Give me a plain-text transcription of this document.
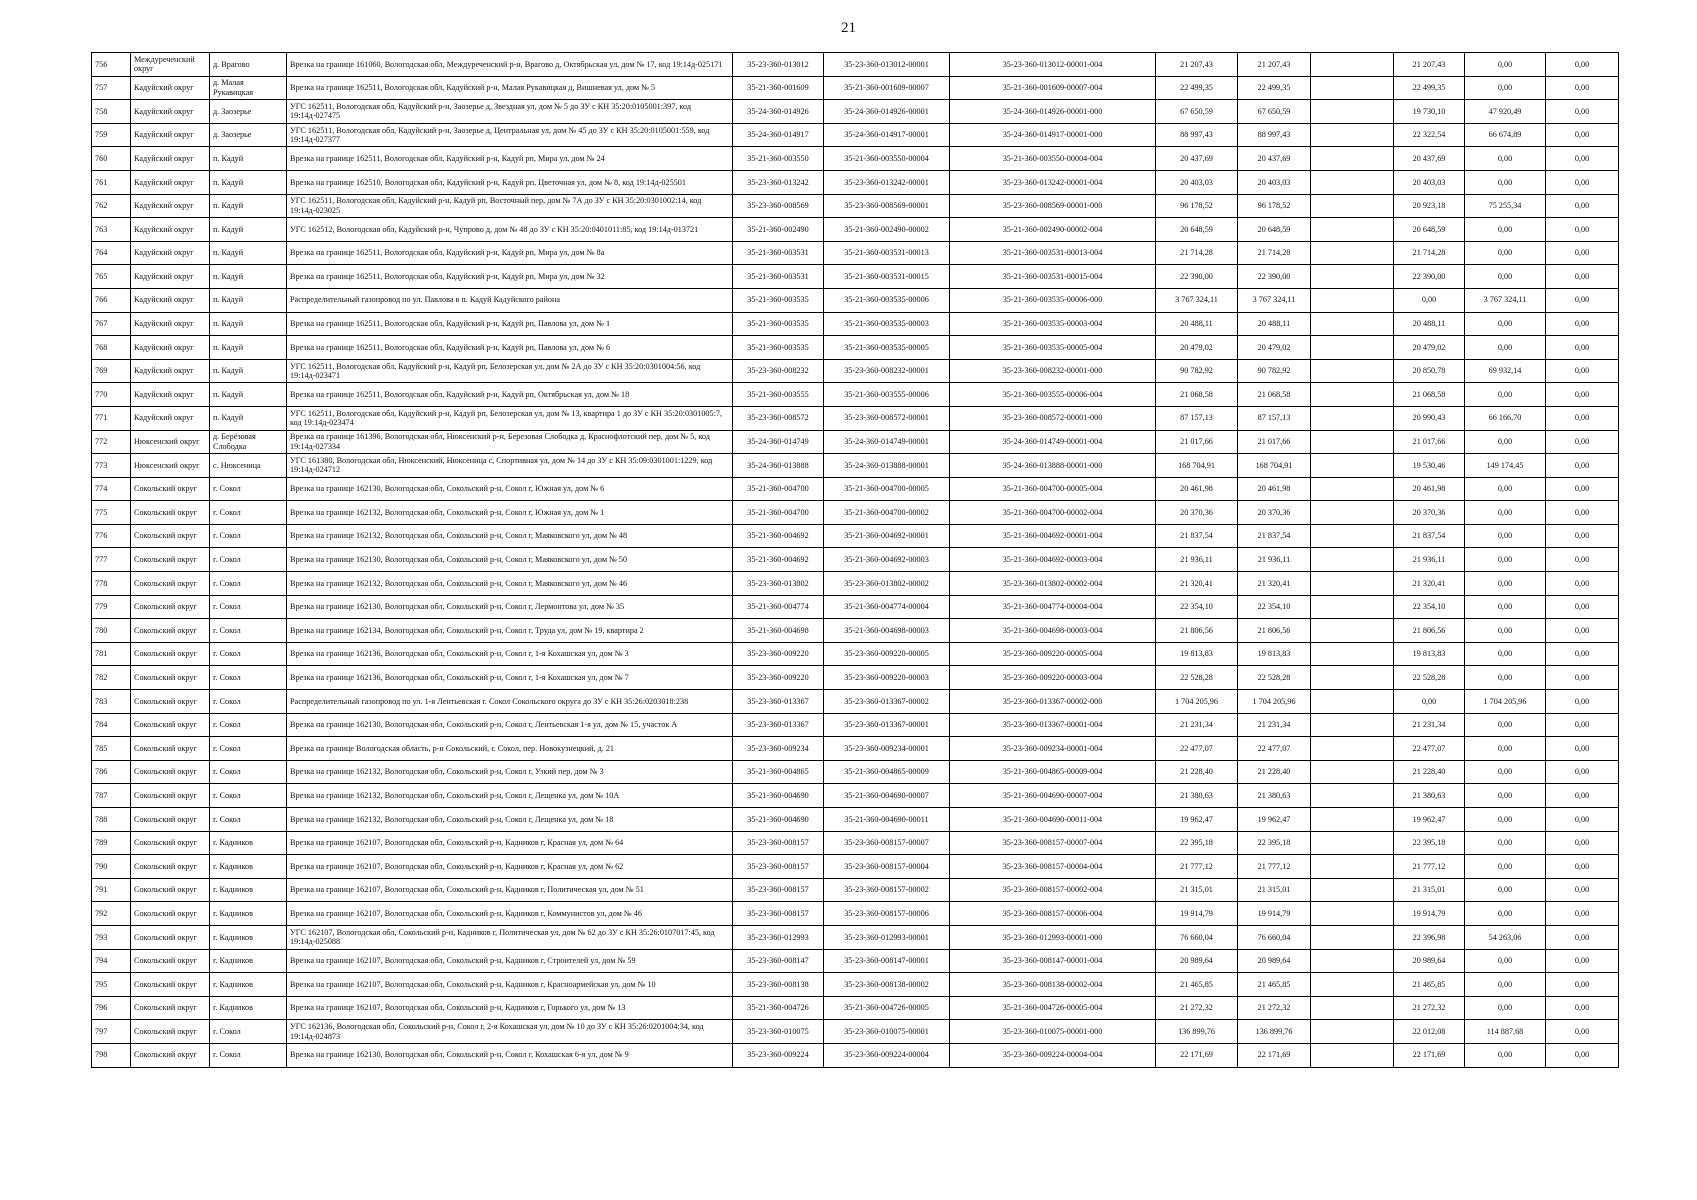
21
756	Междуреченский округ	д. Врагово	Врезка на границе 161060, Вологодская обл, Междуреченский р-н, Врагово д, Октябрьская ул, дом № 17, код 19:14д-025171	35-23-360-013012	35-23-360-013012-00001	35-23-360-013012-00001-004	21 207,43	21 207,43		21 207,43	0,00	0,00
757	Кадуйский округ	д. Малая Рукавицкая	Врезка на границе 162511, Вологодская обл, Кадуйский р-н, Малая Рукавицкая д, Вишневая ул, дом № 5	35-21-360-001609	35-21-360-001609-00007	35-21-360-001609-00007-004	22 499,35	22 499,35		22 499,35	0,00	0,00
758	Кадуйский округ	д. Заозерье	УГС 162511, Вологодская обл, Кадуйский р-н, Заозерье д, Звездная ул, дом № 5 до ЗУ с КН 35:20:0105001:397, код 19:14д-027475	35-24-360-014926	35-24-360-014926-00001	35-24-360-014926-00001-000	67 650,59	67 650,59		19 730,10	47 920,49	0,00
759	Кадуйский округ	д. Заозерье	УГС 162511, Вологодская обл, Кадуйский р-н, Заозерье д, Центральная ул, дом № 45 до ЗУ с КН 35:20:0105001:559, код 19:14д-027377	35-24-360-014917	35-24-360-014917-00001	35-24-360-014917-00001-000	88 997,43	88 997,43		22 322,54	66 674,89	0,00
760	Кадуйский округ	п. Кадуй	Врезка на границе 162511, Вологодская обл, Кадуйский р-н, Кадуй рп, Мира ул, дом № 24	35-21-360-003550	35-21-360-003550-00004	35-21-360-003550-00004-004	20 437,69	20 437,69		20 437,69	0,00	0,00
761	Кадуйский округ	п. Кадуй	Врезка на границе 162510, Вологодская обл, Кадуйский р-н, Кадуй рп, Цветочная ул, дом № 8, код 19:14д-025501	35-23-360-013242	35-23-360-013242-00001	35-23-360-013242-00001-004	20 403,03	20 403,03		20 403,03	0,00	0,00
762	Кадуйский округ	п. Кадуй	УГС 162511, Вологодская обл, Кадуйский р-н, Кадуй рп, Восточный пер, дом № 7А до ЗУ с КН 35:20:0301002:14, код 19:14д-023025	35-23-360-008569	35-23-360-008569-00001	35-23-360-008569-00001-000	96 178,52	96 178,52		20 923,18	75 255,34	0,00
763	Кадуйский округ	п. Кадуй	УГС 162512, Вологодская обл, Кадуйский р-н, Чупрово д, дом № 48 до ЗУ с КН 35:20:0401011:85, код 19:14д-013721	35-21-360-002490	35-21-360-002490-00002	35-21-360-002490-00002-004	20 648,59	20 648,59		20 648,59	0,00	0,00
764	Кадуйский округ	п. Кадуй	Врезка на границе 162511, Вологодская обл, Кадуйский р-н, Кадуй рп, Мира ул, дом № 8а	35-21-360-003531	35-21-360-003531-00013	35-21-360-003531-00013-004	21 714,28	21 714,28		21 714,28	0,00	0,00
765	Кадуйский округ	п. Кадуй	Врезка на границе 162511, Вологодская обл, Кадуйский р-н, Кадуй рп, Мира ул, дом № 32	35-21-360-003531	35-21-360-003531-00015	35-21-360-003531-00015-004	22 390,00	22 390,00		22 390,00	0,00	0,00
766	Кадуйский округ	п. Кадуй	Распределительный газопровод по ул. Павлова в п. Кадуй Кадуйского района	35-21-360-003535	35-21-360-003535-00006	35-21-360-003535-00006-000	3 767 324,11	3 767 324,11		0,00	3 767 324,11	0,00
767	Кадуйский округ	п. Кадуй	Врезка на границе 162511, Вологодская обл, Кадуйский р-н, Кадуй рп, Павлова ул, дом № 1	35-21-360-003535	35-21-360-003535-00003	35-21-360-003535-00003-004	20 488,11	20 488,11		20 488,11	0,00	0,00
768	Кадуйский округ	п. Кадуй	Врезка на границе 162511, Вологодская обл, Кадуйский р-н, Кадуй рп, Павлова ул, дом № 6	35-21-360-003535	35-21-360-003535-00005	35-21-360-003535-00005-004	20 479,02	20 479,02		20 479,02	0,00	0,00
769	Кадуйский округ	п. Кадуй	УГС 162511, Вологодская обл, Кадуйский р-н, Кадуй рп, Белозерская ул, дом № 2А до ЗУ с КН 35:20:0301004:56, код 19:14д-023471	35-23-360-008232	35-23-360-008232-00001	35-23-360-008232-00001-000	90 782,92	90 782,92		20 850,78	69 932,14	0,00
770	Кадуйский округ	п. Кадуй	Врезка на границе 162511, Вологодская обл, Кадуйский р-н, Кадуй рп, Октябрьская ул, дом № 18	35-21-360-003555	35-21-360-003555-00006	35-21-360-003555-00006-004	21 068,58	21 068,58		21 068,58	0,00	0,00
771	Кадуйский округ	п. Кадуй	УГС 162511, Вологодская обл, Кадуйский р-н, Кадуй рп, Белозерская ул, дом № 13, квартира 1 до ЗУ с КН 35:20:0301005:7, код 19:14д-023474	35-23-360-008572	35-23-360-008572-00001	35-23-360-008572-00001-000	87 157,13	87 157,13		20 990,43	66 166,70	0,00
772	Нюксенский округ	д. Берёзовая Слободка	Врезка на границе 161396, Вологодская обл, Нюксенский р-н, Березовая Слободка д, Краснофлотский пер, дом № 5, код 19:14д-027334	35-24-360-014749	35-24-360-014749-00001	35-24-360-014749-00001-004	21 017,66	21 017,66		21 017,66	0,00	0,00
773	Нюксенский округ	с. Нюксеница	УГС 161380, Вологодская обл, Нюксенский, Нюксеница с, Спортивная ул, дом № 14 до ЗУ с КН 35:09:0301001:1229, код 19:14д-024712	35-24-360-013888	35-24-360-013888-00001	35-24-360-013888-00001-000	168 704,91	168 704,91		19 530,46	149 174,45	0,00
774	Сокольский округ	г. Сокол	Врезка на границе 162130, Вологодская обл, Сокольский р-н, Сокол г, Южная ул, дом № 6	35-21-360-004700	35-21-360-004700-00005	35-21-360-004700-00005-004	20 461,98	20 461,98		20 461,98	0,00	0,00
775	Сокольский округ	г. Сокол	Врезка на границе 162132, Вологодская обл, Сокольский р-н, Сокол г, Южная ул, дом № 1	35-21-360-004700	35-21-360-004700-00002	35-21-360-004700-00002-004	20 370,36	20 370,36		20 370,36	0,00	0,00
776	Сокольский округ	г. Сокол	Врезка на границе 162132, Вологодская обл, Сокольский р-н, Сокол г, Маяковского ул, дом № 48	35-21-360-004692	35-21-360-004692-00001	35-21-360-004692-00001-004	21 837,54	21 837,54		21 837,54	0,00	0,00
777	Сокольский округ	г. Сокол	Врезка на границе 162130, Вологодская обл, Сокольский р-н, Сокол г, Маяковского ул, дом № 50	35-21-360-004692	35-21-360-004692-00003	35-21-360-004692-00003-004	21 936,11	21 936,11		21 936,11	0,00	0,00
778	Сокольский округ	г. Сокол	Врезка на границе 162132, Вологодская обл, Сокольский р-н, Сокол г, Маяковского ул, дом № 46	35-23-360-013802	35-23-360-013802-00002	35-23-360-013802-00002-004	21 320,41	21 320,41		21 320,41	0,00	0,00
779	Сокольский округ	г. Сокол	Врезка на границе 162130, Вологодская обл, Сокольский р-н, Сокол г, Лермонтова ул, дом № 35	35-21-360-004774	35-21-360-004774-00004	35-21-360-004774-00004-004	22 354,10	22 354,10		22 354,10	0,00	0,00
780	Сокольский округ	г. Сокол	Врезка на границе 162134, Вологодская обл, Сокольский р-н, Сокол г, Труда ул, дом № 19, квартира 2	35-21-360-004698	35-21-360-004698-00003	35-21-360-004698-00003-004	21 806,56	21 806,56		21 806,56	0,00	0,00
781	Сокольский округ	г. Сокол	Врезка на границе 162136, Вологодская обл, Сокольский р-н, Сокол г, 1-я Кохашская ул, дом № 3	35-23-360-009220	35-23-360-009220-00005	35-23-360-009220-00005-004	19 813,83	19 813,83		19 813,83	0,00	0,00
782	Сокольский округ	г. Сокол	Врезка на границе 162136, Вологодская обл, Сокольский р-н, Сокол г, 1-я Кохашская ул, дом № 7	35-23-360-009220	35-23-360-009220-00003	35-23-360-009220-00003-004	22 528,28	22 528,28		22 528,28	0,00	0,00
783	Сокольский округ	г. Сокол	Распределительный газопровод по ул. 1-я Лентьевская г. Сокол Сокольского округа до ЗУ с КН 35:26:0203018:238	35-23-360-013367	35-23-360-013367-00002	35-23-360-013367-00002-000	1 704 205,96	1 704 205,96		0,00	1 704 205,96	0,00
784	Сокольский округ	г. Сокол	Врезка на границе 162130, Вологодская обл, Сокольский р-н, Сокол г, Лентьевская 1-я ул, дом № 15, участок А	35-23-360-013367	35-23-360-013367-00001	35-23-360-013367-00001-004	21 231,34	21 231,34		21 231,34	0,00	0,00
785	Сокольский округ	г. Сокол	Врезка на границе Вологодская область, р-н Сокольский, г. Сокол, пер. Новокузнецкий, д. 21	35-23-360-009234	35-23-360-009234-00001	35-23-360-009234-00001-004	22 477,07	22 477,07		22 477,07	0,00	0,00
786	Сокольский округ	г. Сокол	Врезка на границе 162132, Вологодская обл, Сокольский р-н, Сокол г, Узкий пер, дом № 3	35-21-360-004865	35-21-360-004865-00009	35-21-360-004865-00009-004	21 228,40	21 228,40		21 228,40	0,00	0,00
787	Сокольский округ	г. Сокол	Врезка на границе 162132, Вологодская обл, Сокольский р-н, Сокол г, Лещенка ул, дом № 10А	35-21-360-004690	35-21-360-004690-00007	35-21-360-004690-00007-004	21 380,63	21 380,63		21 380,63	0,00	0,00
788	Сокольский округ	г. Сокол	Врезка на границе 162132, Вологодская обл, Сокольский р-н, Сокол г, Лещенка ул, дом № 18	35-21-360-004690	35-21-360-004690-00011	35-21-360-004690-00011-004	19 962,47	19 962,47		19 962,47	0,00	0,00
789	Сокольский округ	г. Кадников	Врезка на границе 162107, Вологодская обл, Сокольский р-н, Кадников г, Красная ул, дом № 64	35-23-360-008157	35-23-360-008157-00007	35-23-360-008157-00007-004	22 395,18	22 395,18		22 395,18	0,00	0,00
790	Сокольский округ	г. Кадников	Врезка на границе 162107, Вологодская обл, Сокольский р-н, Кадников г, Красная ул, дом № 62	35-23-360-008157	35-23-360-008157-00004	35-23-360-008157-00004-004	21 777,12	21 777,12		21 777,12	0,00	0,00
791	Сокольский округ	г. Кадников	Врезка на границе 162107, Вологодская обл, Сокольский р-н, Кадников г, Политическая ул, дом № 51	35-23-360-008157	35-23-360-008157-00002	35-23-360-008157-00002-004	21 315,01	21 315,01		21 315,01	0,00	0,00
792	Сокольский округ	г. Кадников	Врезка на границе 162107, Вологодская обл, Сокольский р-н, Кадников г, Коммунистов ул, дом № 46	35-23-360-008157	35-23-360-008157-00006	35-23-360-008157-00006-004	19 914,79	19 914,79		19 914,79	0,00	0,00
793	Сокольский округ	г. Кадников	УГС 162107, Вологодская обл, Сокольский р-н, Кадников г, Политическая ул, дом № 62 до ЗУ с КН 35:26:0107017:45, код 19:14д-025088	35-23-360-012993	35-23-360-012993-00001	35-23-360-012993-00001-000	76 660,04	76 660,04		22 396,98	54 263,06	0,00
794	Сокольский округ	г. Кадников	Врезка на границе 162107, Вологодская обл, Сокольский р-н, Кадников г, Строителей ул, дом № 59	35-23-360-008147	35-23-360-008147-00001	35-23-360-008147-00001-004	20 989,64	20 989,64		20 989,64	0,00	0,00
795	Сокольский округ	г. Кадников	Врезка на границе 162107, Вологодская обл, Сокольский р-н, Кадников г, Красноармейская ул, дом № 10	35-23-360-008138	35-23-360-008138-00002	35-23-360-008138-00002-004	21 465,85	21 465,85		21 465,85	0,00	0,00
796	Сокольский округ	г. Кадников	Врезка на границе 162107, Вологодская обл, Сокольский р-н, Кадников г, Горького ул, дом № 13	35-21-360-004726	35-21-360-004726-00005	35-21-360-004726-00005-004	21 272,32	21 272,32		21 272,32	0,00	0,00
797	Сокольский округ	г. Сокол	УГС 162136, Вологодская обл, Сокольский р-н, Сокол г, 2-я Кохашская ул, дом № 10 до ЗУ с КН 35:26:0201004:34, код 19:14д-024873	35-23-360-010075	35-23-360-010075-00001	35-23-360-010075-00001-000	136 899,76	136 899,76		22 012,08	114 887,68	0,00
798	Сокольский округ	г. Сокол	Врезка на границе 162130, Вологодская обл, Сокольский р-н, Сокол г, Кохашская 6-я ул, дом № 9	35-23-360-009224	35-23-360-009224-00004	35-23-360-009224-00004-004	22 171,69	22 171,69		22 171,69	0,00	0,00
